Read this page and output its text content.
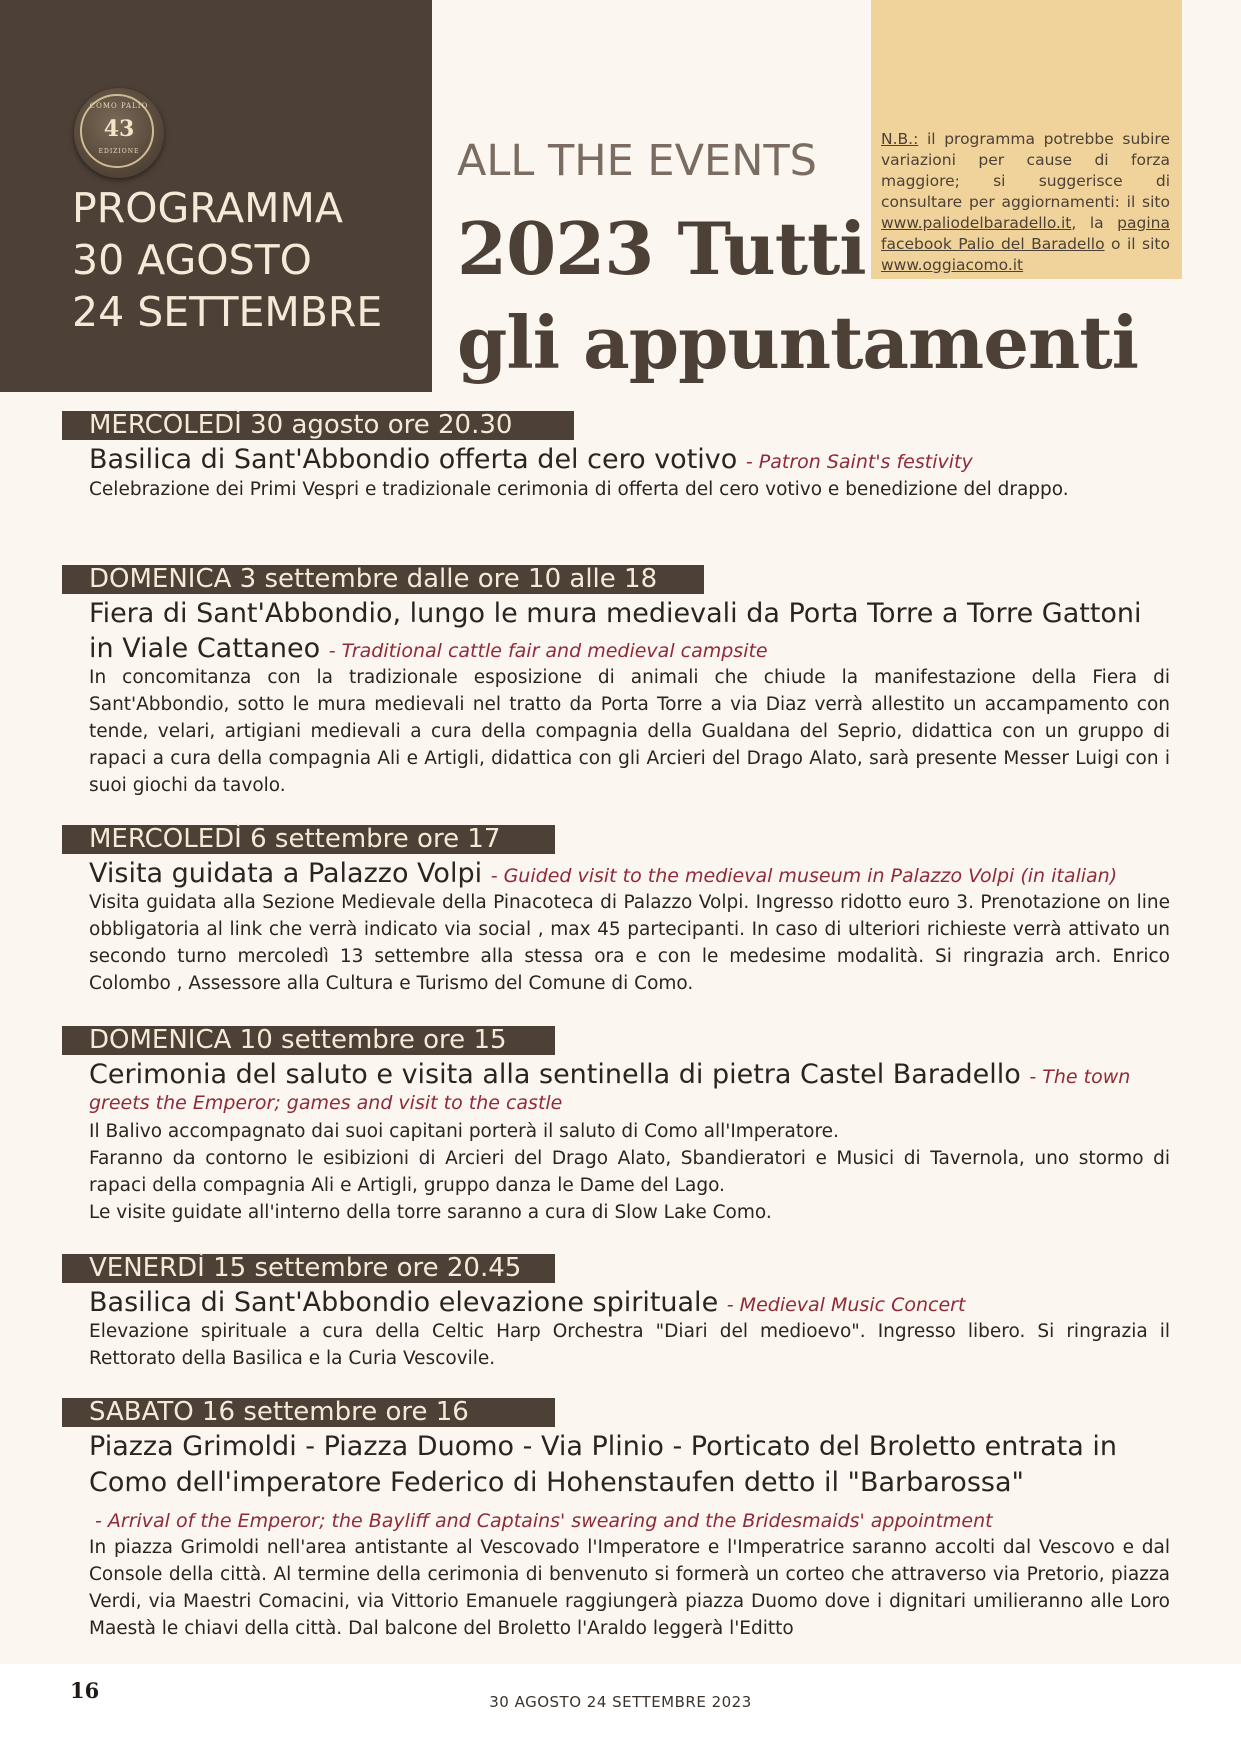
COMO PALIO
43
EDIZIONE
PROGRAMMA
30 AGOSTO
24 SETTEMBRE
ALL THE EVENTS
2023 Tutti
gli appuntamenti
N.B.: il programma potrebbe subire variazioni per cause di forza maggiore; si suggerisce di consultare per aggiornamenti: il sito www.paliodelbaradello.it, la pagina facebook Palio del Baradello o il sito www.oggiacomo.it
MERCOLEDÌ 30 agosto ore 20.30
Basilica di Sant'Abbondio offerta del cero votivo - Patron Saint's festivity

Celebrazione dei Primi Vespri e tradizionale cerimonia di offerta del cero votivo e benedizione del drappo.

DOMENICA 3 settembre dalle ore 10 alle 18
Fiera di Sant'Abbondio, lungo le mura medievali da Porta Torre a Torre Gattoni
in Viale Cattaneo - Traditional cattle fair and medieval campsite

In concomitanza con la tradizionale esposizione di animali che chiude la manifestazione della Fiera di Sant'Abbondio, sotto le mura medievali nel tratto da Porta Torre a via Diaz verrà allestito un accampamento con tende, velari, artigiani medievali a cura della compagnia della Gualdana del Seprio, didattica con un gruppo di rapaci a cura della compagnia Ali e Artigli, didattica con gli Arcieri del Drago Alato, sarà presente Messer Luigi con i suoi giochi da tavolo.

MERCOLEDÌ 6 settembre ore 17
Visita guidata a Palazzo Volpi - Guided visit to the medieval museum in Palazzo Volpi (in italian)

Visita guidata alla Sezione Medievale della Pinacoteca di Palazzo Volpi. Ingresso ridotto euro 3. Prenotazione on line obbligatoria al link che verrà indicato via social , max 45 partecipanti. In caso di ulteriori richieste verrà attivato un secondo turno mercoledì 13 settembre alla stessa ora e con le medesime modalità. Si ringrazia arch. Enrico Colombo , Assessore alla Cultura e Turismo del Comune di Como.

DOMENICA 10 settembre ore 15
Cerimonia del saluto e visita alla sentinella di pietra Castel Baradello - The town
greets the Emperor; games and visit to the castle

Il Balivo accompagnato dai suoi capitani porterà il saluto di Como all'Imperatore.

Faranno da contorno le esibizioni di Arcieri del Drago Alato, Sbandieratori e Musici di Tavernola, uno stormo di rapaci della compagnia Ali e Artigli, gruppo danza le Dame del Lago.

Le visite guidate all'interno della torre saranno a cura di Slow Lake Como.

VENERDÌ 15 settembre ore 20.45
Basilica di Sant'Abbondio elevazione spirituale - Medieval Music Concert

Elevazione spirituale a cura della Celtic Harp Orchestra "Diari del medioevo". Ingresso libero. Si ringrazia il Rettorato della Basilica e la Curia Vescovile.

SABATO 16 settembre ore 16
Piazza Grimoldi - Piazza Duomo - Via Plinio - Porticato del Broletto entrata in
Como dell'imperatore Federico di Hohenstaufen detto il "Barbarossa"
- Arrival of the Emperor; the Bayliff and Captains' swearing and the Bridesmaids' appointment

In piazza Grimoldi nell'area antistante al Vescovado l'Imperatore e l'Imperatrice saranno accolti dal Vescovo e dal Console della città. Al termine della cerimonia di benvenuto si formerà un corteo che attraverso via Pretorio, piazza Verdi, via Maestri Comacini, via Vittorio Emanuele raggiungerà piazza Duomo dove i dignitari umilieranno alle Loro Maestà le chiavi della città. Dal balcone del Broletto l'Araldo leggerà l'Editto

16	30 AGOSTO 24 SETTEMBRE 2023
